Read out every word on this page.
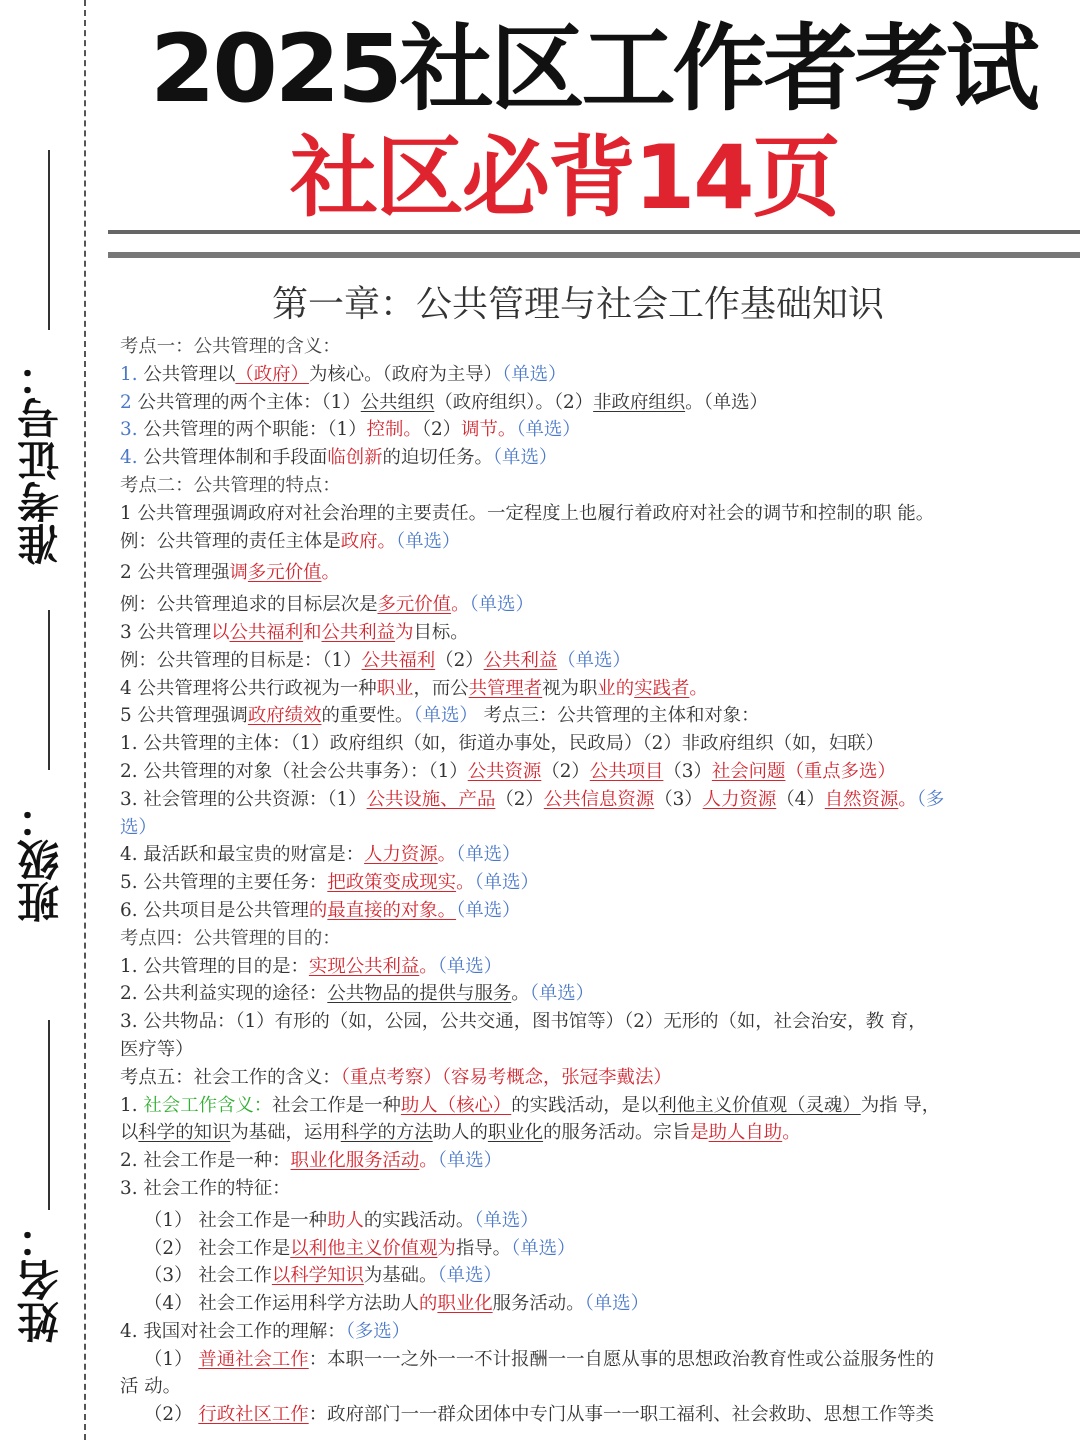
准考证号：
班级：
姓名：
2025社区工作者考试
社区必背14页
第一章：公共管理与社会工作基础知识
考点一：公共管理的含义：
1. 公共管理以（政府）为核心。（政府为主导）（单选）
2 公共管理的两个主体：（1）公共组织（政府组织）。（2）非政府组织。（单选）
3. 公共管理的两个职能：（1）控制。（2）调节。（单选）
4. 公共管理体制和手段面临创新的迫切任务。（单选）
考点二：公共管理的特点：
1 公共管理强调政府对社会治理的主要责任。一定程度上也履行着政府对社会的调节和控制的职 能。
例：公共管理的责任主体是政府。（单选）
2 公共管理强调多元价值。
例：公共管理追求的目标层次是多元价值。（单选）
3 公共管理以公共福利和公共利益为目标。
例：公共管理的目标是：（1）公共福利（2）公共利益（单选）
4 公共管理将公共行政视为一种职业，而公共管理者视为职业的实践者。
5 公共管理强调政府绩效的重要性。（单选） 考点三：公共管理的主体和对象：
1. 公共管理的主体：（1）政府组织（如，街道办事处，民政局）（2）非政府组织（如，妇联）
2. 公共管理的对象（社会公共事务）：（1）公共资源（2）公共项目（3）社会问题（重点多选）
3. 社会管理的公共资源：（1）公共设施、产品（2）公共信息资源（3）人力资源（4）自然资源。（多
选）
4. 最活跃和最宝贵的财富是：人力资源。（单选）
5. 公共管理的主要任务：把政策变成现实。（单选）
6. 公共项目是公共管理的最直接的对象。（单选）
考点四：公共管理的目的：
1. 公共管理的目的是：实现公共利益。（单选）
2. 公共利益实现的途径：公共物品的提供与服务。（单选）
3. 公共物品：（1）有形的（如，公园，公共交通，图书馆等）（2）无形的（如，社会治安，教 育，
医疗等）
考点五：社会工作的含义：（重点考察）（容易考概念，张冠李戴法）
1. 社会工作含义：社会工作是一种助人（核心）的实践活动，是以利他主义价值观（灵魂）为指 导，
以科学的知识为基础，运用科学的方法助人的职业化的服务活动。宗旨是助人自助。
2. 社会工作是一种：职业化服务活动。（单选）
3. 社会工作的特征：
（1） 社会工作是一种助人的实践活动。（单选）
（2） 社会工作是以利他主义价值观为指导。（单选）
（3） 社会工作以科学知识为基础。（单选）
（4） 社会工作运用科学方法助人的职业化服务活动。（单选）
4. 我国对社会工作的理解：（多选）
（1） 普通社会工作：本职一一之外一一不计报酬一一自愿从事的思想政治教育性或公益服务性的
活 动。
（2） 行政社区工作：政府部门一一群众团体中专门从事一一职工福利、社会救助、思想工作等类
